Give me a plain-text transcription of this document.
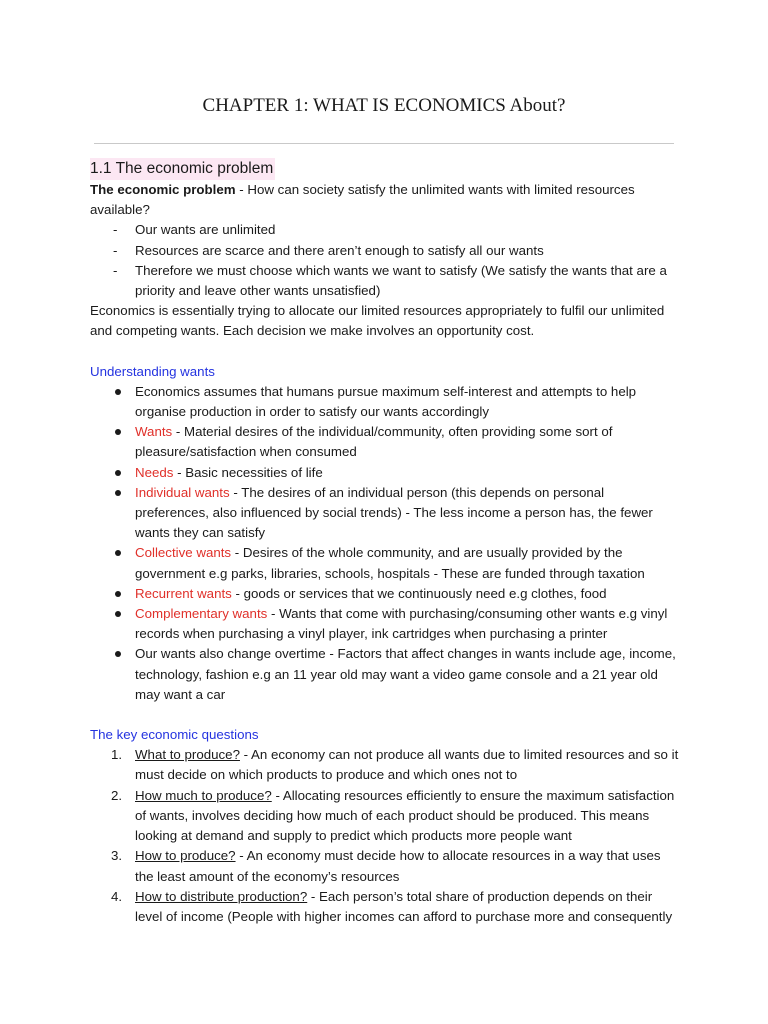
CHAPTER 1: WHAT IS ECONOMICS About?
1.1 The economic problem

The economic problem - How can society satisfy the unlimited wants with limited resources available?

- Our wants are unlimited
- Resources are scarce and there aren’t enough to satisfy all our wants
- Therefore we must choose which wants we want to satisfy (We satisfy the wants that are a priority and leave other wants unsatisfied)

Economics is essentially trying to allocate our limited resources appropriately to fulfil our unlimited and competing wants. Each decision we make involves an opportunity cost.

Understanding wants

Economics assumes that humans pursue maximum self-interest and attempts to help organise production in order to satisfy our wants accordingly
Wants - Material desires of the individual/community, often providing some sort of pleasure/satisfaction when consumed
Needs - Basic necessities of life
Individual wants - The desires of an individual person (this depends on personal preferences, also influenced by social trends) - The less income a person has, the fewer wants they can satisfy
Collective wants - Desires of the whole community, and are usually provided by the government e.g parks, libraries, schools, hospitals - These are funded through taxation
Recurrent wants - goods or services that we continuously need e.g clothes, food
Complementary wants - Wants that come with purchasing/consuming other wants e.g vinyl records when purchasing a vinyl player, ink cartridges when purchasing a printer
Our wants also change overtime - Factors that affect changes in wants include age, income, technology, fashion e.g an 11 year old may want a video game console and a 21 year old may want a car

The key economic questions

1. What to produce? - An economy can not produce all wants due to limited resources and so it must decide on which products to produce and which ones not to
2. How much to produce? - Allocating resources efficiently to ensure the maximum satisfaction of wants, involves deciding how much of each product should be produced. This means looking at demand and supply to predict which products more people want
3. How to produce? - An economy must decide how to allocate resources in a way that uses the least amount of the economy’s resources
4. How to distribute production? - Each person’s total share of production depends on their level of income (People with higher incomes can afford to purchase more and consequently
